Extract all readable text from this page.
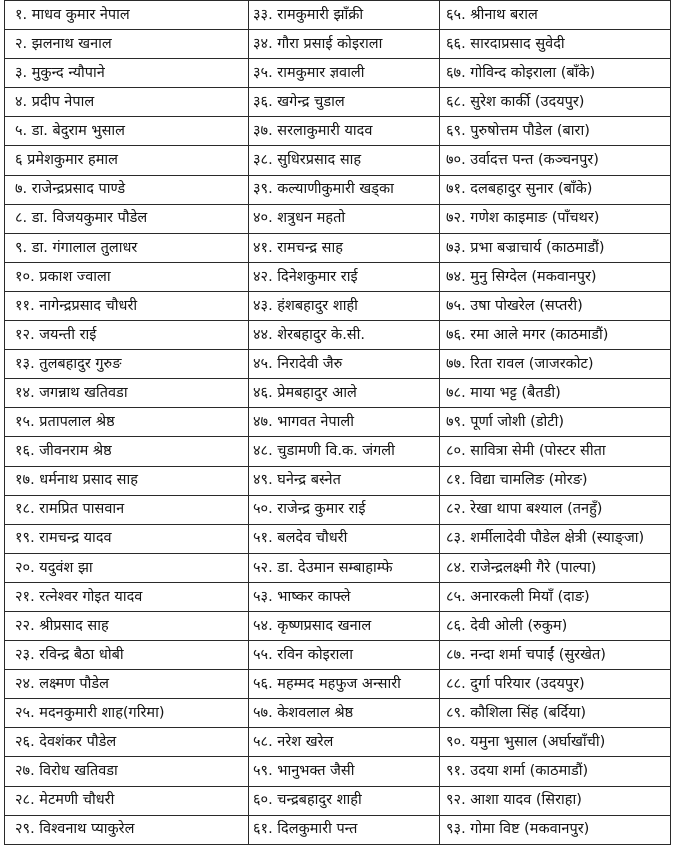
१. माधव कुमार नेपाल	३३. रामकुमारी झाँक्री	६५. श्रीनाथ बराल
२. झलनाथ खनाल	३४. गौरा प्रसाई कोइराला	६६. सारदाप्रसाद सुवेदी
३. मुकुन्द न्यौपाने	३५. रामकुमार ज्ञवाली	६७. गोविन्द कोइराला (बाँके)
४. प्रदीप नेपाल	३६. खगेन्द्र चुडाल	६८. सुरेश कार्की (उदयपुर)
५. डा. बेदुराम भुसाल	३७. सरलाकुमारी यादव	६९. पुरुषोत्तम पौडेल (बारा)
६ प्रमेशकुमार हमाल	३८. सुधिरप्रसाद साह	७०. उर्वादत्त पन्त (कञ्चनपुर)
७. राजेन्द्रप्रसाद पाण्डे	३९. कल्याणीकुमारी खड्का	७१. दलबहादुर सुनार (बाँके)
८. डा. विजयकुमार पौडेल	४०. शत्रुधन महतो	७२. गणेश काइमाङ (पाँचथर)
९. डा. गंगालाल तुलाधर	४१. रामचन्द्र साह	७३. प्रभा बज्राचार्य (काठमाडौं)
१०. प्रकाश ज्वाला	४२. दिनेशकुमार राई	७४. मुनु सिग्देल (मकवानपुर)
११. नागेन्द्रप्रसाद चौधरी	४३. हंशबहादुर शाही	७५. उषा पोखरेल (सप्तरी)
१२. जयन्ती राई	४४. शेरबहादुर के.सी.	७६. रमा आले मगर (काठमाडौं)
१३. तुलबहादुर गुरुङ	४५. निरादेवी जैरु	७७. रिता रावल (जाजरकोट)
१४. जगन्नाथ खतिवडा	४६. प्रेमबहादुर आले	७८. माया भट्ट (बैतडी)
१५. प्रतापलाल श्रेष्ठ	४७. भागवत नेपाली	७९. पूर्णा जोशी (डोटी)
१६. जीवनराम श्रेष्ठ	४८. चुडामणी वि.क. जंगली	८०. सावित्रा सेमी (पोस्टर सीता
१७. धर्मनाथ प्रसाद साह	४९. घनेन्द्र बस्नेत	८१. विद्या चामलिङ (मोरङ)
१८. रामप्रित पासवान	५०. राजेन्द्र कुमार राई	८२. रेखा थापा बश्याल (तनहुँ)
१९. रामचन्द्र यादव	५१. बलदेव चौधरी	८३. शर्मीलादेवी पौडेल क्षेत्री (स्याङ्जा)
२०. यदुवंश झा	५२. डा. देउमान सम्बाहाम्फे	८४. राजेन्द्रलक्ष्मी गैरे (पाल्पा)
२१. रत्नेश्वर गोइत यादव	५३. भाष्कर काफ्ले	८५. अनारकली मियाँ (दाङ)
२२. श्रीप्रसाद साह	५४. कृष्णप्रसाद खनाल	८६. देवी ओली (रुकुम)
२३. रविन्द्र बैठा धोबी	५५. रविन कोइराला	८७. नन्दा शर्मा चपाईं (सुरखेत)
२४. लक्ष्मण पौडेल	५६. महम्मद महफुज अन्सारी	८८. दुर्गा परियार (उदयपुर)
२५. मदनकुमारी शाह(गरिमा)	५७. केशवलाल श्रेष्ठ	८९. कौशिला सिंह (बर्दिया)
२६. देवशंकर पौडेल	५८. नरेश खरेल	९०. यमुना भुसाल (अर्घाखाँची)
२७. विरोध खतिवडा	५९. भानुभक्त जैसी	९१. उदया शर्मा (काठमाडौं)
२८. मेटमणी चौधरी	६०. चन्द्रबहादुर शाही	९२. आशा यादव (सिराहा)
२९. विश्वनाथ प्याकुरेल	६१. दिलकुमारी पन्त	९३. गोमा विष्ट (मकवानपुर)
